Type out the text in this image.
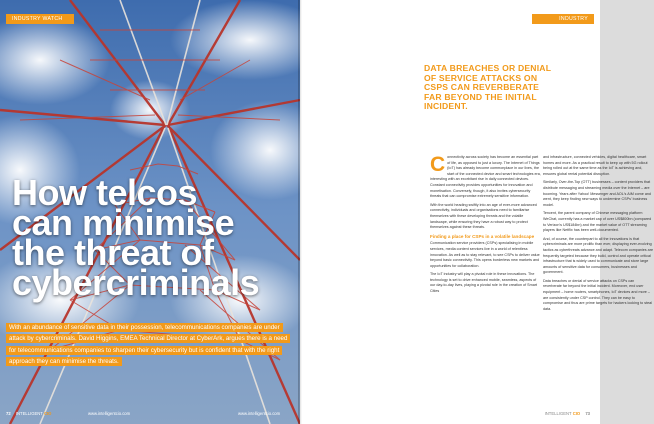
INDUSTRY WATCH
How telcos
can minimise
the threat of
cybercriminals
With an abundance of sensitive data in their possession, telecommunications companies are under attack by cybercriminals. David Higgins, EMEA Technical Director at CyberArk, argues there is a need for telecommunications companies to sharpen their cybersecurity but is confident that with the right approach they can minimise the threats.
72 INTELLIGENT CIO	www.intelligentcio.com	www.intelligentcio.com
INDUSTRY WATCH
DATA BREACHES OR DENIAL OF SERVICE ATTACKS ON CSPS CAN REVERBERATE FAR BEYOND THE INITIAL INCIDENT.

Connectivity across society has become an essential part of life, as opposed to just a luxury. The Internet of Things (IoT) has already become commonplace in our lives, the start of the connected device and smart technologies era, interesting with an exorbitant rise in daily connected devices. Constant connectivity provides opportunities for innovation and monetisation. Conversely, though, it also invites cybersecurity threats that can compromise extremely sensitive information.

With the world heading swiftly into an age of ever-more advanced connectivity, individuals and organisations need to familiarise themselves with these developing threats and the volatile landscape, while ensuring they have a robust way to protect themselves against these threats.

Finding a place for CSPs in a volatile landscape

Communication service providers (CSPs) specialising in mobile services, media content services live in a world of relentless innovation. As well as to stay relevant, to see CSPs to deliver value beyond basic connectivity. This opens borderless new markets and opportunities for collaboration.

The IoT industry will play a pivotal role in these innovations. The technology is set to drive enhanced mobile, seamless, aspects of our day-to-day lives, playing a pivotal role in the creation of Smart Cities

and infrastructure, connected vehicles, digital healthcare, smart homes and more. As a practical result to keep up with 5G rollout being rolled out at the same time as the IoT is achieving and, ensures global rental potential disruption.

Similarly, Over-the-Top (OTT) businesses – content providers that distribute messaging and streaming media over the Internet – are booming. Years after Yahoo! Messenger and AOL's AIM come and went, they keep finding new ways to undermine CSPs' business model.

Tencent, the parent company of Chinese messaging platform WeChat, currently has a market cap of over US$800bn (compared to Verizon's US$184bn) and the market value of OTT streaming players like Netflix has been well-documented.

And, of course, the counterpart to all the innovations is that cybercriminals are more prolific than ever, displaying ever-evolving tactics as cyberthreats advance and adapt. Telecom companies are frequently targeted because they build, control and operate critical infrastructure that is widely used to communicate and store large amounts of sensitive data for consumers, businesses and government.

Data breaches or denial of service attacks on CSPs can reverberate far beyond the initial incident. Moreover, end user equipment – home routers, smartphones, IoT devices and more – are consistently under CSP control. They can be easy to compromise and thus are prime targets for hackers looking to steal data.

INTELLIGENT CIO 73
